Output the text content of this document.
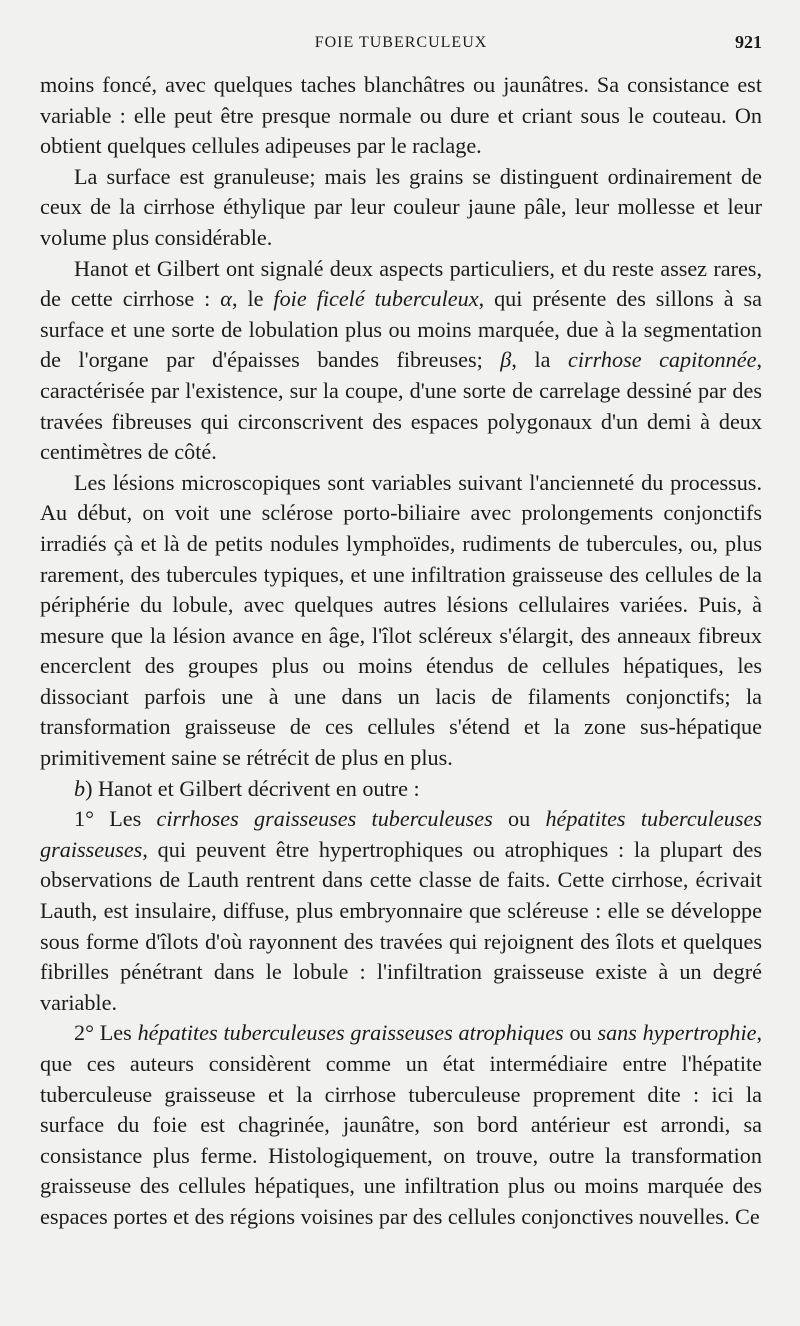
FOIE TUBERCULEUX	921

moins foncé, avec quelques taches blanchâtres ou jaunâtres. Sa consistance est variable : elle peut être presque normale ou dure et criant sous le couteau. On obtient quelques cellules adipeuses par le raclage.

La surface est granuleuse; mais les grains se distinguent ordinairement de ceux de la cirrhose éthylique par leur couleur jaune pâle, leur mollesse et leur volume plus considérable.

Hanot et Gilbert ont signalé deux aspects particuliers, et du reste assez rares, de cette cirrhose : α, le foie ficelé tuberculeux, qui présente des sillons à sa surface et une sorte de lobulation plus ou moins marquée, due à la segmentation de l'organe par d'épaisses bandes fibreuses; β, la cirrhose capitonnée, caractérisée par l'existence, sur la coupe, d'une sorte de carrelage dessiné par des travées fibreuses qui circonscrivent des espaces polygonaux d'un demi à deux centimètres de côté.

Les lésions microscopiques sont variables suivant l'ancienneté du processus. Au début, on voit une sclérose porto-biliaire avec prolongements conjonctifs irradiés çà et là de petits nodules lymphoïdes, rudiments de tubercules, ou, plus rarement, des tubercules typiques, et une infiltration graisseuse des cellules de la périphérie du lobule, avec quelques autres lésions cellulaires variées. Puis, à mesure que la lésion avance en âge, l'îlot scléreux s'élargit, des anneaux fibreux encerclent des groupes plus ou moins étendus de cellules hépatiques, les dissociant parfois une à une dans un lacis de filaments conjonctifs; la transformation graisseuse de ces cellules s'étend et la zone sus-hépatique primitivement saine se rétrécit de plus en plus.

b) Hanot et Gilbert décrivent en outre :

1° Les cirrhoses graisseuses tuberculeuses ou hépatites tuberculeuses graisseuses, qui peuvent être hypertrophiques ou atrophiques : la plupart des observations de Lauth rentrent dans cette classe de faits. Cette cirrhose, écrivait Lauth, est insulaire, diffuse, plus embryonnaire que scléreuse : elle se développe sous forme d'îlots d'où rayonnent des travées qui rejoignent des îlots et quelques fibrilles pénétrant dans le lobule : l'infiltration graisseuse existe à un degré variable.

2° Les hépatites tuberculeuses graisseuses atrophiques ou sans hypertrophie, que ces auteurs considèrent comme un état intermédiaire entre l'hépatite tuberculeuse graisseuse et la cirrhose tuberculeuse proprement dite : ici la surface du foie est chagrinée, jaunâtre, son bord antérieur est arrondi, sa consistance plus ferme. Histologiquement, on trouve, outre la transformation graisseuse des cellules hépatiques, une infiltration plus ou moins marquée des espaces portes et des régions voisines par des cellules conjonctives nouvelles. Ce
